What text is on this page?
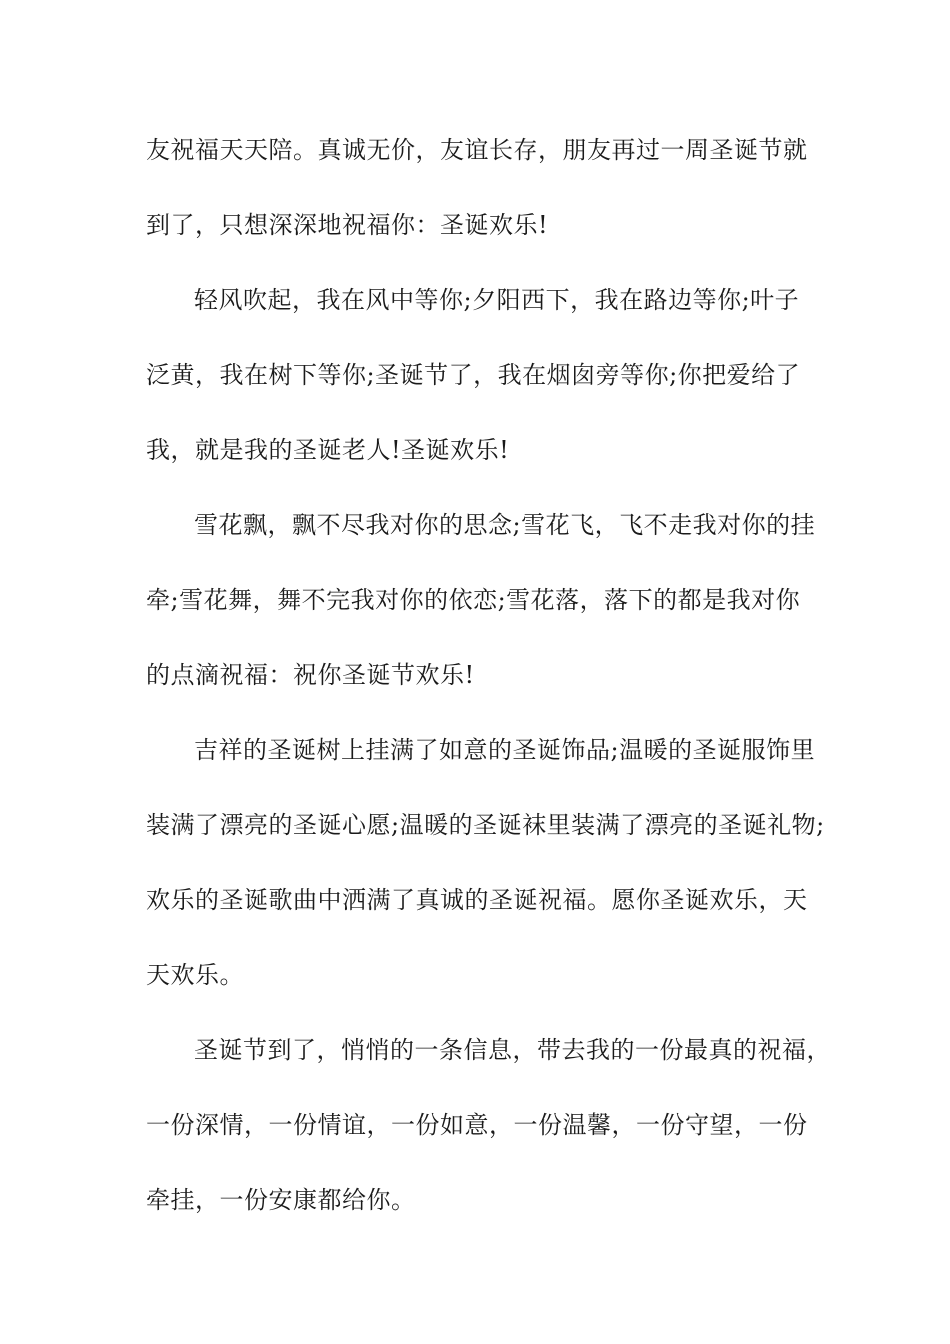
友祝福天天陪。真诚无价，友谊长存，朋友再过一周圣诞节就
到了，只想深深地祝福你：圣诞欢乐!
轻风吹起，我在风中等你;夕阳西下，我在路边等你;叶子
泛黄，我在树下等你;圣诞节了，我在烟囱旁等你;你把爱给了
我，就是我的圣诞老人!圣诞欢乐!
雪花飘，飘不尽我对你的思念;雪花飞，飞不走我对你的挂
牵;雪花舞，舞不完我对你的依恋;雪花落，落下的都是我对你
的点滴祝福：祝你圣诞节欢乐!
吉祥的圣诞树上挂满了如意的圣诞饰品;温暖的圣诞服饰里
装满了漂亮的圣诞心愿;温暖的圣诞袜里装满了漂亮的圣诞礼物;
欢乐的圣诞歌曲中洒满了真诚的圣诞祝福。愿你圣诞欢乐，天
天欢乐。
圣诞节到了，悄悄的一条信息，带去我的一份最真的祝福，
一份深情，一份情谊，一份如意，一份温馨，一份守望，一份
牵挂，一份安康都给你。
